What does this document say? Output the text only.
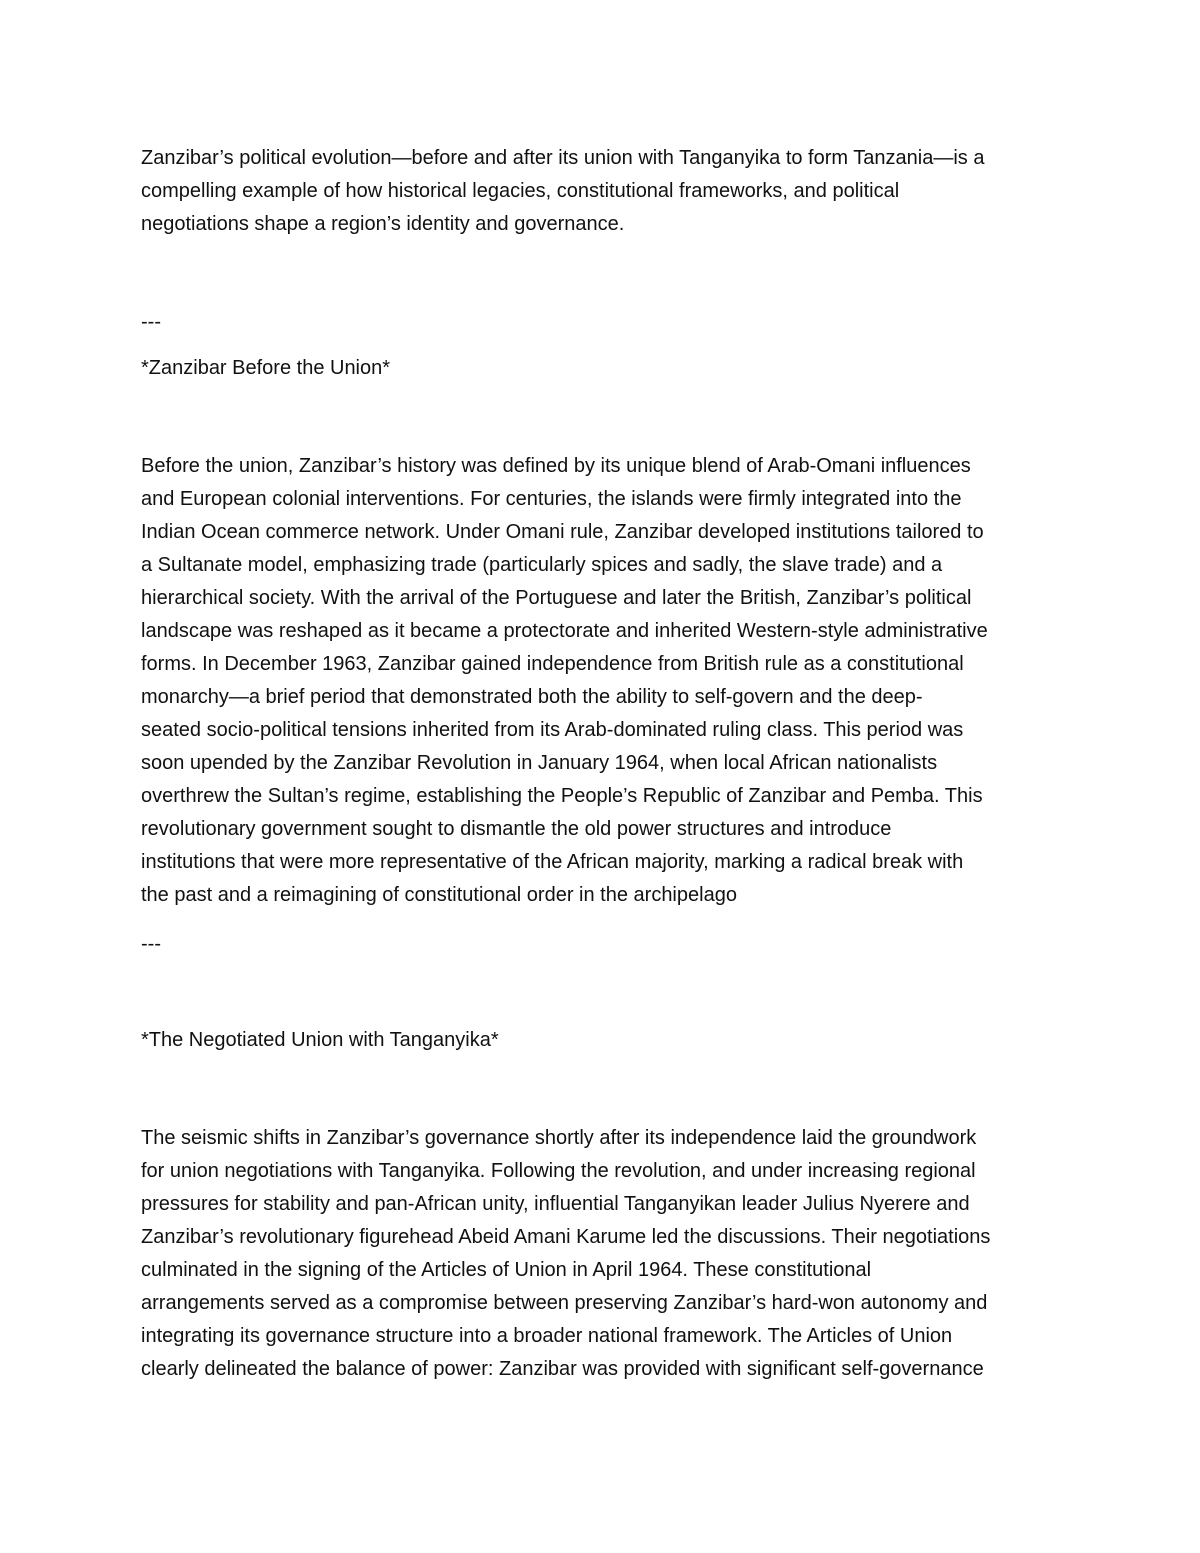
Zanzibar’s political evolution—before and after its union with Tanganyika to form Tanzania—is a

compelling example of how historical legacies, constitutional frameworks, and political

negotiations shape a region’s identity and governance.

---

*Zanzibar Before the Union*

Before the union, Zanzibar’s history was defined by its unique blend of Arab-Omani influences

and European colonial interventions. For centuries, the islands were firmly integrated into the

Indian Ocean commerce network. Under Omani rule, Zanzibar developed institutions tailored to

a Sultanate model, emphasizing trade (particularly spices and sadly, the slave trade) and a

hierarchical society. With the arrival of the Portuguese and later the British, Zanzibar’s political

landscape was reshaped as it became a protectorate and inherited Western-style administrative

forms. In December 1963, Zanzibar gained independence from British rule as a constitutional

monarchy—a brief period that demonstrated both the ability to self-govern and the deep-

seated socio-political tensions inherited from its Arab-dominated ruling class. This period was

soon upended by the Zanzibar Revolution in January 1964, when local African nationalists

overthrew the Sultan’s regime, establishing the People’s Republic of Zanzibar and Pemba. This

revolutionary government sought to dismantle the old power structures and introduce

institutions that were more representative of the African majority, marking a radical break with

the past and a reimagining of constitutional order in the archipelago

---

*The Negotiated Union with Tanganyika*

The seismic shifts in Zanzibar’s governance shortly after its independence laid the groundwork

for union negotiations with Tanganyika. Following the revolution, and under increasing regional

pressures for stability and pan-African unity, influential Tanganyikan leader Julius Nyerere and

Zanzibar’s revolutionary figurehead Abeid Amani Karume led the discussions. Their negotiations

culminated in the signing of the Articles of Union in April 1964. These constitutional

arrangements served as a compromise between preserving Zanzibar’s hard-won autonomy and

integrating its governance structure into a broader national framework. The Articles of Union

clearly delineated the balance of power: Zanzibar was provided with significant self-governance
